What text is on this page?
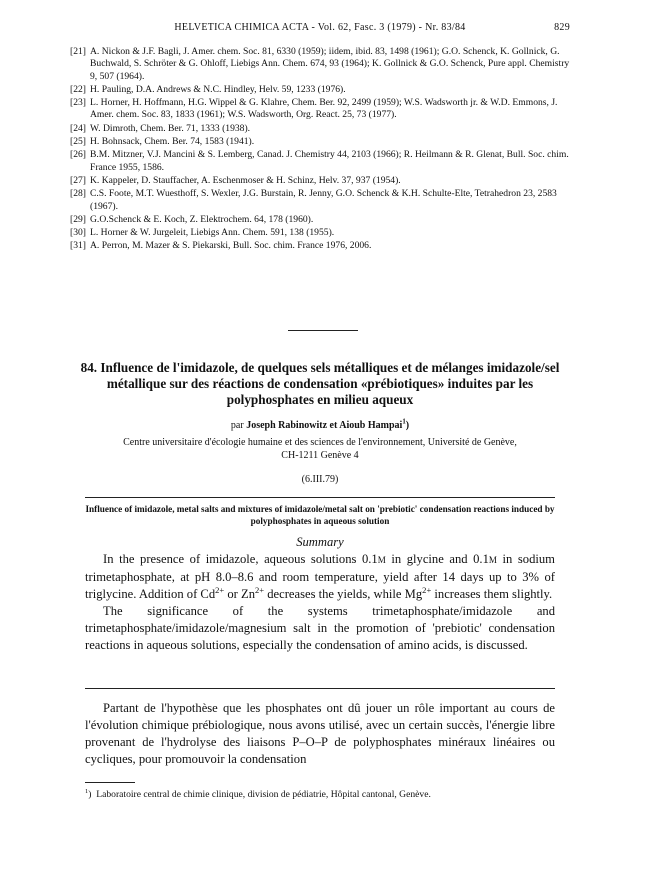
HELVETICA CHIMICA ACTA - Vol. 62, Fasc. 3 (1979) - Nr. 83/84	829
[21] A. Nickon & J.F. Bagli, J. Amer. chem. Soc. 81, 6330 (1959); iidem, ibid. 83, 1498 (1961); G.O. Schenck, K. Gollnick, G. Buchwald, S. Schröter & G. Ohloff, Liebigs Ann. Chem. 674, 93 (1964); K. Gollnick & G.O. Schenck, Pure appl. Chemistry 9, 507 (1964).
[22] H. Pauling, D.A. Andrews & N.C. Hindley, Helv. 59, 1233 (1976).
[23] L. Horner, H. Hoffmann, H.G. Wippel & G. Klahre, Chem. Ber. 92, 2499 (1959); W.S. Wadsworth jr. & W.D. Emmons, J. Amer. chem. Soc. 83, 1833 (1961); W.S. Wadsworth, Org. React. 25, 73 (1977).
[24] W. Dimroth, Chem. Ber. 71, 1333 (1938).
[25] H. Bohnsack, Chem. Ber. 74, 1583 (1941).
[26] B.M. Mitzner, V.J. Mancini & S. Lemberg, Canad. J. Chemistry 44, 2103 (1966); R. Heilmann & R. Glenat, Bull. Soc. chim. France 1955, 1586.
[27] K. Kappeler, D. Stauffacher, A. Eschenmoser & H. Schinz, Helv. 37, 937 (1954).
[28] C.S. Foote, M.T. Wuesthoff, S. Wexler, J.G. Burstain, R. Jenny, G.O. Schenck & K.H. Schulte-Elte, Tetrahedron 23, 2583 (1967).
[29] G.O.Schenck & E. Koch, Z. Elektrochem. 64, 178 (1960).
[30] L. Horner & W. Jurgeleit, Liebigs Ann. Chem. 591, 138 (1955).
[31] A. Perron, M. Mazer & S. Piekarski, Bull. Soc. chim. France 1976, 2006.
84. Influence de l'imidazole, de quelques sels métalliques et de mélanges imidazole/sel métallique sur des réactions de condensation «prébiotiques» induites par les polyphosphates en milieu aqueux
par Joseph Rabinowitz et Aioub Hampai$^1$)
Centre universitaire d'écologie humaine et des sciences de l'environnement, Université de Genève,
CH-1211 Genève 4
(6.III.79)
Influence of imidazole, metal salts and mixtures of imidazole/metal salt on 'prebiotic' condensation reactions induced by polyphosphates in aqueous solution
Summary

In the presence of imidazole, aqueous solutions 0.1M in glycine and 0.1M in sodium trimetaphosphate, at pH 8.0–8.6 and room temperature, yield after 14 days up to 3% of triglycine. Addition of $Cd^{2+}$ or $Zn^{2+}$ decreases the yields, while $Mg^{2+}$ increases them slightly.

The significance of the systems trimetaphosphate/imidazole and trimetaphosphate/imidazole/magnesium salt in the promotion of 'prebiotic' condensation reactions in aqueous solutions, especially the condensation of amino acids, is discussed.

Partant de l'hypothèse que les phosphates ont dû jouer un rôle important au cours de l'évolution chimique prébiologique, nous avons utilisé, avec un certain succès, l'énergie libre provenant de l'hydrolyse des liaisons P–O–P de polyphosphates minéraux linéaires ou cycliques, pour promouvoir la condensation

$^1$) Laboratoire central de chimie clinique, division de pédiatrie, Hôpital cantonal, Genève.
